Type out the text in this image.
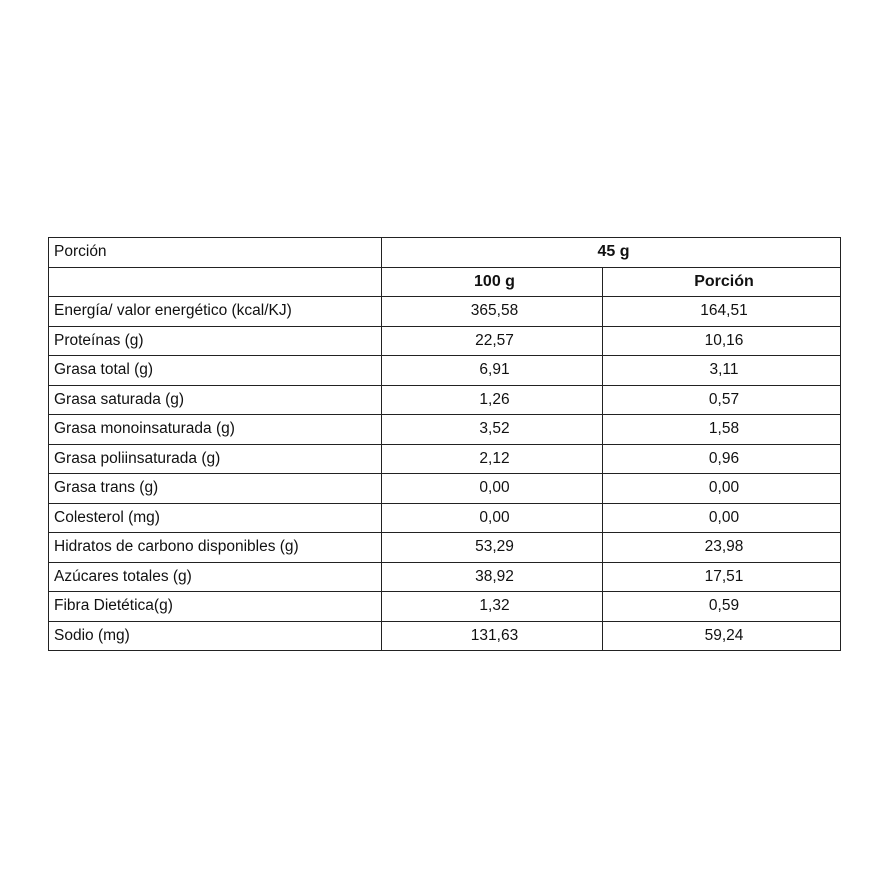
Porción	45 g	
	100 g	Porción
Energía/ valor energético (kcal/KJ)	365,58	164,51
Proteínas (g)	22,57	10,16
Grasa total (g)	6,91	3,11
Grasa saturada (g)	1,26	0,57
Grasa monoinsaturada (g)	3,52	1,58
Grasa poliinsaturada (g)	2,12	0,96
Grasa trans (g)	0,00	0,00
Colesterol (mg)	0,00	0,00
Hidratos de carbono disponibles (g)	53,29	23,98
Azúcares totales (g)	38,92	17,51
Fibra Dietética(g)	1,32	0,59
Sodio (mg)	131,63	59,24
